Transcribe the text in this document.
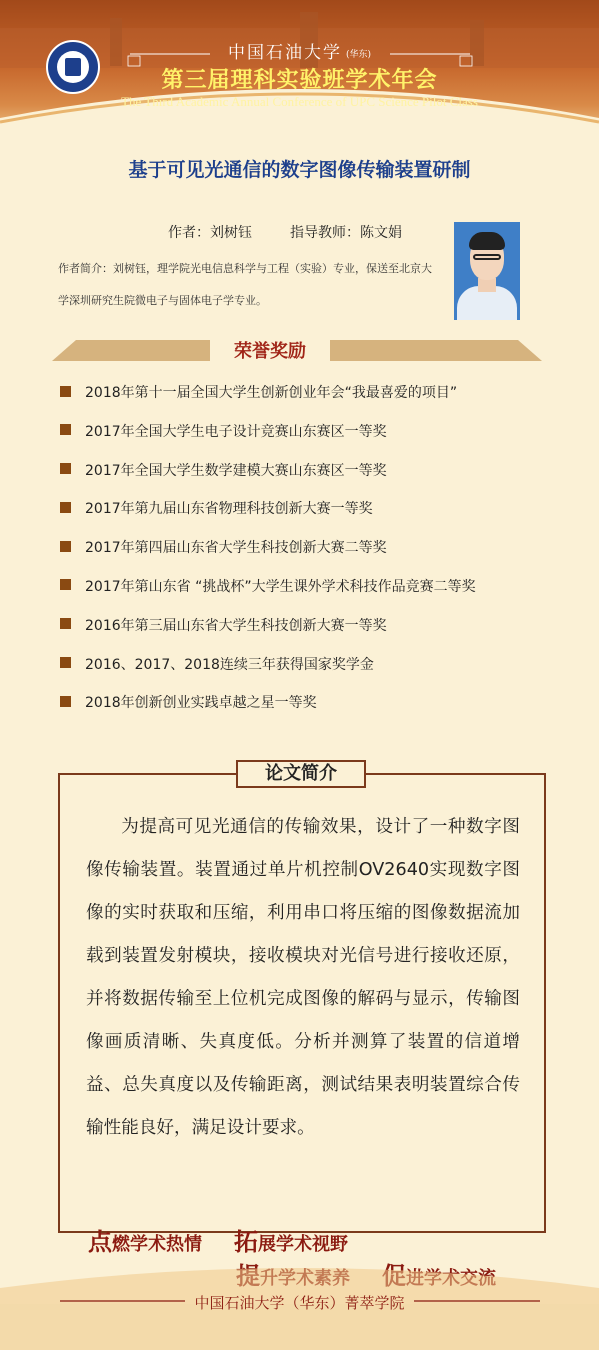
中国石油大学 (华东)
第三届理科实验班学术年会
The Third Academic Annual Conference of UPC Science Pilot Class
基于可见光通信的数字图像传输装置研制
作者：刘树钰	指导教师：陈文娟
作者简介：刘树钰，理学院光电信息科学与工程（实验）专业，保送至北京大学深圳研究生院微电子与固体电子学专业。
荣誉奖励
2018年第十一届全国大学生创新创业年会“我最喜爱的项目”
2017年全国大学生电子设计竞赛山东赛区一等奖
2017年全国大学生数学建模大赛山东赛区一等奖
2017年第九届山东省物理科技创新大赛一等奖
2017年第四届山东省大学生科技创新大赛二等奖
2017年第山东省 “挑战杯”大学生课外学术科技作品竞赛二等奖
2016年第三届山东省大学生科技创新大赛一等奖
2016、2017、2018连续三年获得国家奖学金
2018年创新创业实践卓越之星一等奖
论文简介

为提高可见光通信的传输效果，设计了一种数字图像传输装置。装置通过单片机控制OV2640实现数字图像的实时获取和压缩，利用串口将压缩的图像数据流加载到装置发射模块，接收模块对光信号进行接收还原，并将数据传输至上位机完成图像的解码与显示，传输图像画质清晰、失真度低。分析并测算了装置的信道增益、总失真度以及传输距离，测试结果表明装置综合传输性能良好，满足设计要求。

点燃学术热情 拓展学术视野
中国石油大学（华东）菁萃学院
